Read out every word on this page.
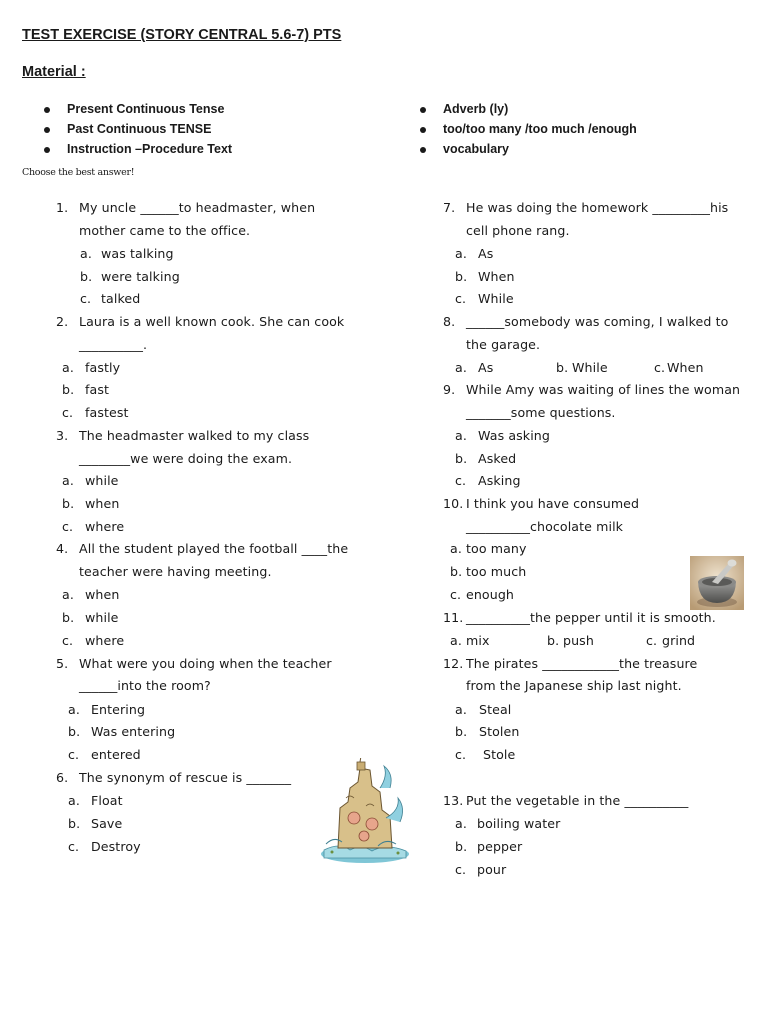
TEST EXERCISE (STORY CENTRAL 5.6-7) PTS
Material :
Present Continuous Tense
Past Continuous TENSE
Instruction –Procedure Text
Adverb (ly)
too/too many /too much /enough
vocabulary
Choose the best answer!
1. My uncle ______to headmaster, when
mother came to the office.
a. was talking
b. were talking
c. talked
2. Laura is a well known cook. She can cook
__________.
a. fastly
b. fast
c. fastest
3. The headmaster walked to my class
________we were doing the exam.
a. while
b. when
c. where
4. All the student played the football ____the
teacher were having meeting.
a. when
b. while
c. where
5. What were you doing when the teacher
______into the room?
a. Entering
b. Was entering
c. entered
6. The synonym of rescue is _______
a. Float
b. Save
c. Destroy
7. He was doing the homework _________his
cell phone rang.
a. As
b. When
c. While
8. ______somebody was coming, I walked to
the garage.
a. As	b. While	c. When
9. While Amy was waiting of lines the woman
_______some questions.
a. Was asking
b. Asked
c. Asking
10. I think you have consumed
__________chocolate milk
a. too many
b. too much
c. enough
11. __________the pepper until it is smooth.
a. mix	b. push	c. grind
12. The pirates ____________the treasure
from the Japanese ship last night.
a. Steal
b. Stolen
c. Stole
13. Put the vegetable in the __________
a. boiling water
b. pepper
c. pour
